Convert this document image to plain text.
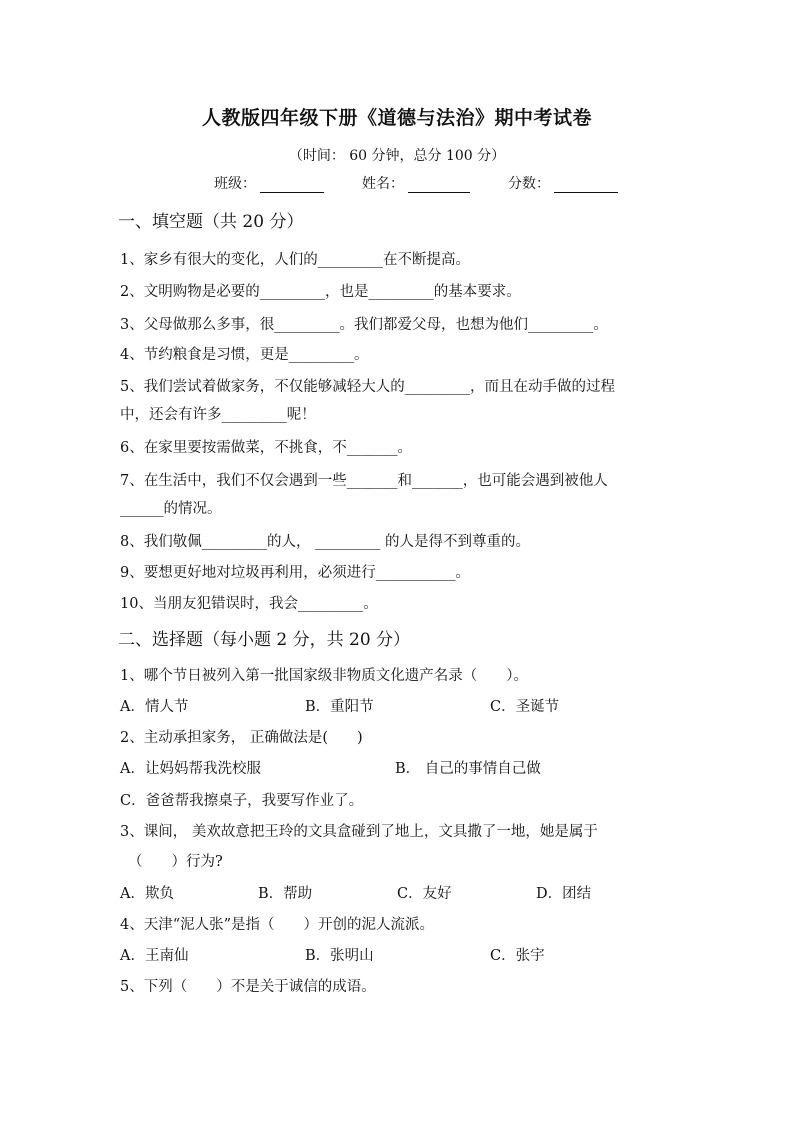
人教版四年级下册《道德与法治》期中考试卷
（时间： 60 分钟，总分 100 分）
班级：	姓名：	分数：
一、填空题（共 20 分）
1、家乡有很大的变化，人们的_________在不断提高。
2、文明购物是必要的_________，也是_________的基本要求。
3、父母做那么多事，很_________。我们都爱父母，也想为他们_________。
4、节约粮食是习惯，更是_________。
5、我们尝试着做家务，不仅能够减轻大人的_________，而且在动手做的过程
中，还会有许多_________呢！
6、在家里要按需做菜，不挑食，不_______。
7、在生活中，我们不仅会遇到一些_______和_______，也可能会遇到被他人
______的情况。
8、我们敬佩_________的人， _________ 的人是得不到尊重的。
9、要想更好地对垃圾再利用，必须进行___________。
10、当朋友犯错误时，我会_________。
二、选择题（每小题 2 分，共 20 分）
1、哪个节日被列入第一批国家级非物质文化遗产名录（　　）。
A．情人节	B．重阳节	C．圣诞节
2、主动承担家务， 正确做法是(　　)
A．让妈妈帮我洗校服	B． 自己的事情自己做
C．爸爸帮我擦桌子，我要写作业了。
3、课间， 美欢故意把王玲的文具盒碰到了地上，文具撒了一地，她是属于
（　　）行为?
A．欺负	B．帮助	C．友好	D．团结
4、天津“泥人张”是指（　　）开创的泥人流派。
A．王南仙	B．张明山	C．张宇
5、下列（　　）不是关于诚信的成语。
